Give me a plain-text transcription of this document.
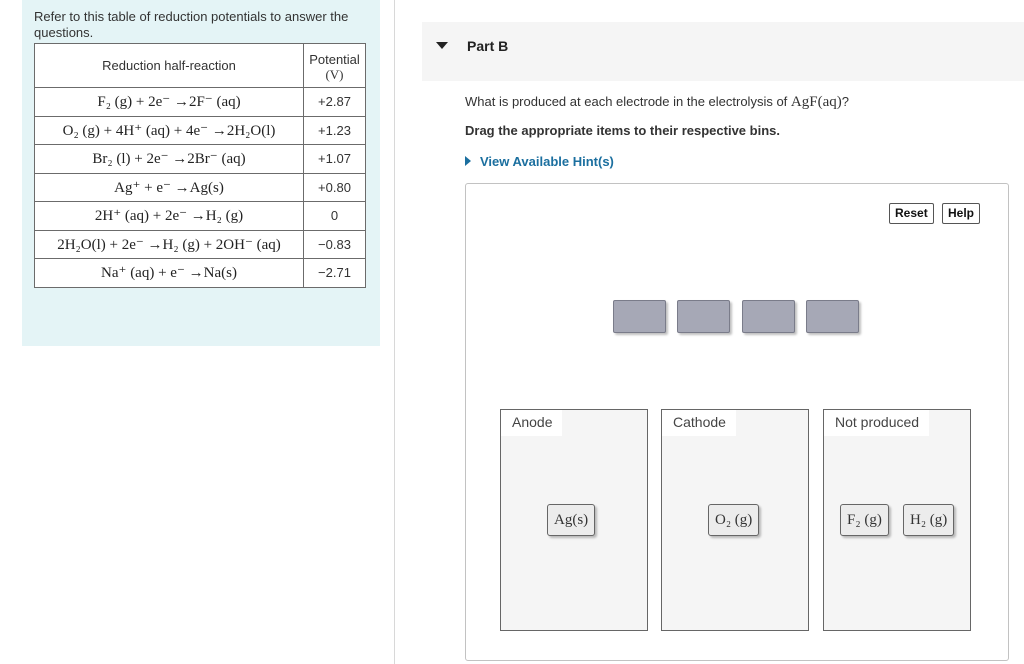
Refer to this table of reduction potentials to answer the questions.
Reduction half-reaction	Potential
(V)
F₂ (g) + 2e⁻ →2F⁻ (aq)	+2.87
O₂ (g) + 4H⁺ (aq) + 4e⁻ →2H₂O(l)	+1.23
Br₂ (l) + 2e⁻ →2Br⁻ (aq)	+1.07
Ag⁺ + e⁻ →Ag(s)	+0.80
2H⁺ (aq) + 2e⁻ →H₂ (g)	0
2H₂O(l) + 2e⁻ →H₂ (g) + 2OH⁻ (aq)	−0.83
Na⁺ (aq) + e⁻ →Na(s)	−2.71
Part B
What is produced at each electrode in the electrolysis of AgF(aq)?
Drag the appropriate items to their respective bins.
View Available Hint(s)
Reset	Help
Anode
Ag(s)
Cathode
O₂ (g)
Not produced
F₂ (g)	H₂ (g)
